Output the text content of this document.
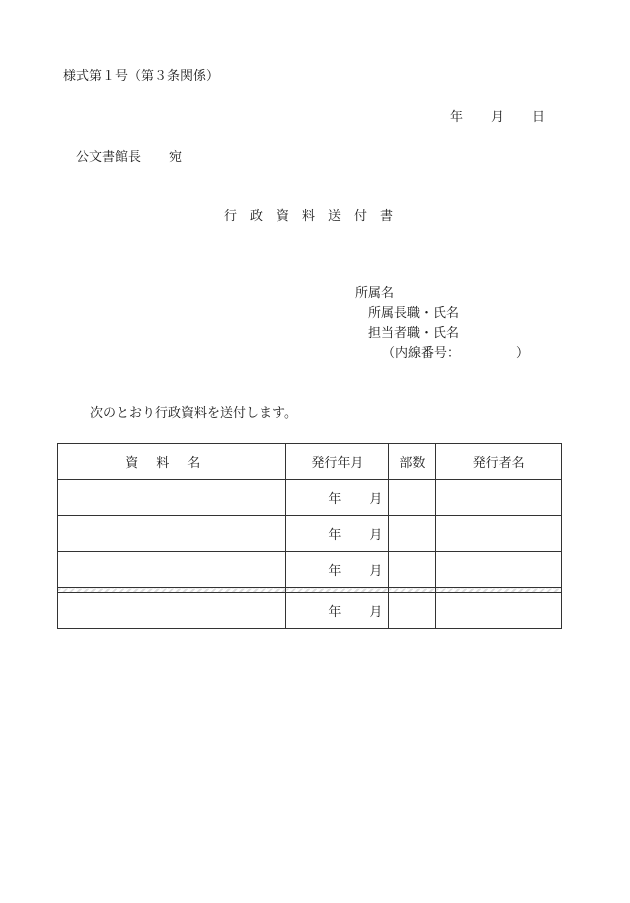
様式第１号（第３条関係）
年 月 日
公文書館長 宛
行政資料送付書
所属名
所属長職・氏名
担当者職・氏名
（内線番号：	）
次のとおり行政資料を送付します。
資料名	発行年月	部数	発行者名

	年 月		

	年 月		

	年 月		

	年 月		
